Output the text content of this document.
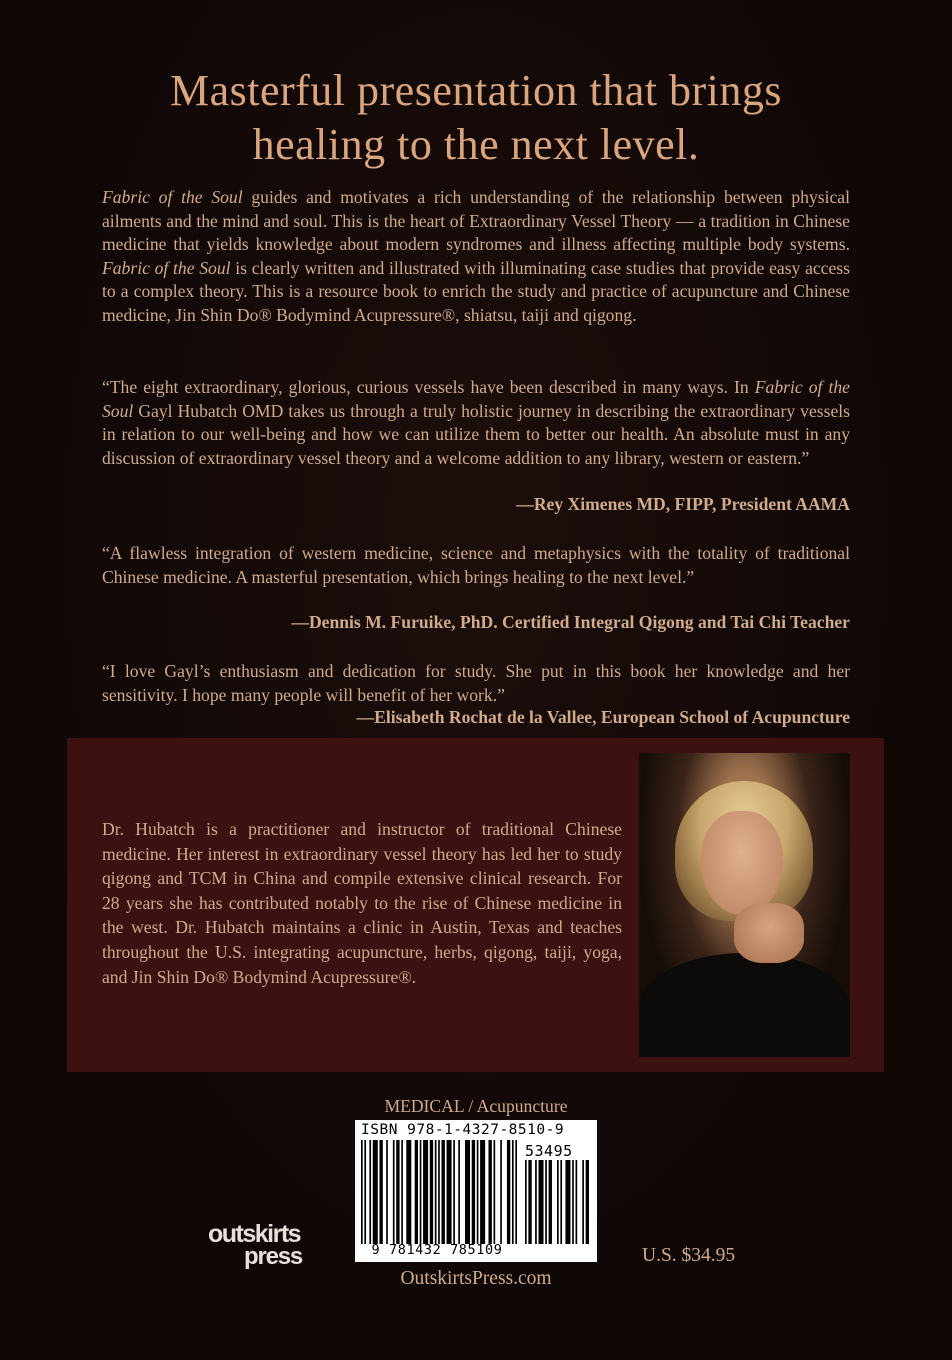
Masterful presentation that brings
healing to the next level.

Fabric of the Soul guides and motivates a rich understanding of the relationship between physical ailments and the mind and soul. This is the heart of Extraordinary Vessel Theory — a tradition in Chinese medicine that yields knowledge about modern syndromes and illness affecting multiple body systems. Fabric of the Soul is clearly written and illustrated with illuminating case studies that provide easy access to a complex theory. This is a resource book to enrich the study and practice of acupuncture and Chinese medicine, Jin Shin Do® Bodymind Acupressure®, shiatsu, taiji and qigong.

“The eight extraordinary, glorious, curious vessels have been described in many ways. In Fabric of the Soul Gayl Hubatch OMD takes us through a truly holistic journey in describing the extraordinary vessels in relation to our well-being and how we can utilize them to better our health. An absolute must in any discussion of extraordinary vessel theory and a welcome addition to any library, western or eastern.”

—Rey Ximenes MD, FIPP, President AAMA

“A flawless integration of western medicine, science and metaphysics with the totality of traditional Chinese medicine. A masterful presentation, which brings healing to the next level.”

—Dennis M. Furuike, PhD. Certified Integral Qigong and Tai Chi Teacher

“I love Gayl’s enthusiasm and dedication for study. She put in this book her knowledge and her sensitivity. I hope many people will benefit of her work.”

—Elisabeth Rochat de la Vallee, European School of Acupuncture

Dr. Hubatch is a practitioner and instructor of traditional Chinese medicine. Her interest in extraordinary vessel theory has led her to study qigong and TCM in China and compile extensive clinical research. For 28 years she has contributed notably to the rise of Chinese medicine in the west. Dr. Hubatch maintains a clinic in Austin, Texas and teaches throughout the U.S. integrating acupuncture, herbs, qigong, taiji, yoga, and Jin Shin Do® Bodymind Acupressure®.

MEDICAL / Acupuncture

ISBN 978-1-4327-8510-9
53495
9 781432 785109
outskirts
press

OutskirtsPress.com

U.S. $34.95
